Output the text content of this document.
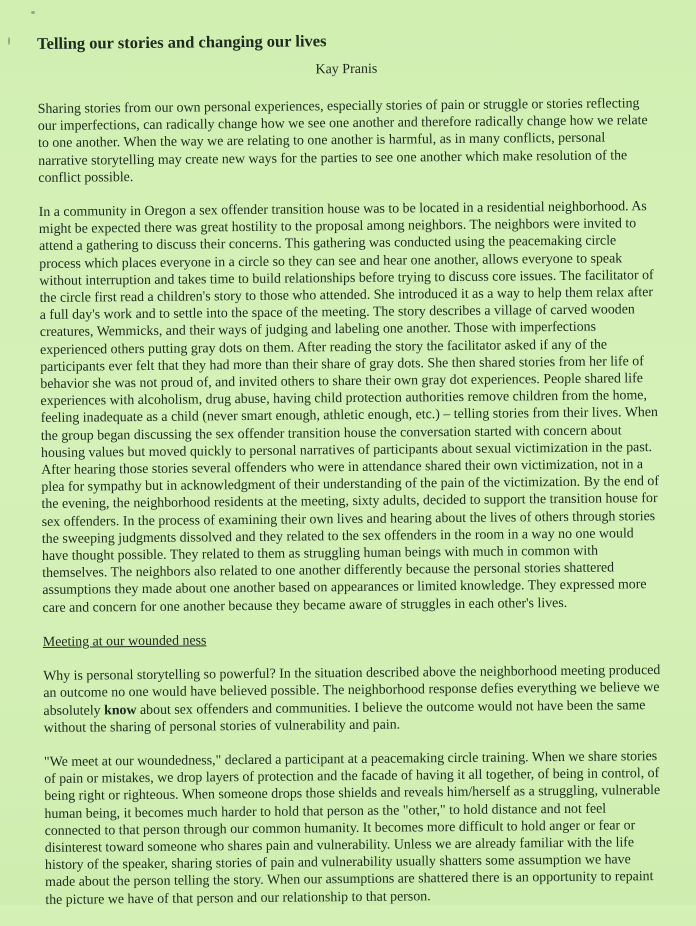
Telling our stories and changing our lives
Kay Pranis

Sharing stories from our own personal experiences, especially stories of pain or struggle or stories reflecting our imperfections, can radically change how we see one another and therefore radically change how we relate to one another. When the way we are relating to one another is harmful, as in many conflicts, personal narrative storytelling may create new ways for the parties to see one another which make resolution of the conflict possible.

In a community in Oregon a sex offender transition house was to be located in a residential neighborhood. As might be expected there was great hostility to the proposal among neighbors. The neighbors were invited to attend a gathering to discuss their concerns. This gathering was conducted using the peacemaking circle process which places everyone in a circle so they can see and hear one another, allows everyone to speak without interruption and takes time to build relationships before trying to discuss core issues. The facilitator of the circle first read a children's story to those who attended. She introduced it as a way to help them relax after a full day's work and to settle into the space of the meeting. The story describes a village of carved wooden creatures, Wemmicks, and their ways of judging and labeling one another. Those with imperfections experienced others putting gray dots on them. After reading the story the facilitator asked if any of the participants ever felt that they had more than their share of gray dots. She then shared stories from her life of behavior she was not proud of, and invited others to share their own gray dot experiences. People shared life experiences with alcoholism, drug abuse, having child protection authorities remove children from the home, feeling inadequate as a child (never smart enough, athletic enough, etc.) – telling stories from their lives. When the group began discussing the sex offender transition house the conversation started with concern about housing values but moved quickly to personal narratives of participants about sexual victimization in the past. After hearing those stories several offenders who were in attendance shared their own victimization, not in a plea for sympathy but in acknowledgment of their understanding of the pain of the victimization. By the end of the evening, the neighborhood residents at the meeting, sixty adults, decided to support the transition house for sex offenders. In the process of examining their own lives and hearing about the lives of others through stories the sweeping judgments dissolved and they related to the sex offenders in the room in a way no one would have thought possible. They related to them as struggling human beings with much in common with themselves. The neighbors also related to one another differently because the personal stories shattered assumptions they made about one another based on appearances or limited knowledge. They expressed more care and concern for one another because they became aware of struggles in each other's lives.

Meeting at our wounded ness

Why is personal storytelling so powerful? In the situation described above the neighborhood meeting produced an outcome no one would have believed possible. The neighborhood response defies everything we believe we absolutely know about sex offenders and communities. I believe the outcome would not have been the same without the sharing of personal stories of vulnerability and pain.

"We meet at our woundedness," declared a participant at a peacemaking circle training. When we share stories of pain or mistakes, we drop layers of protection and the facade of having it all together, of being in control, of being right or righteous. When someone drops those shields and reveals him/herself as a struggling, vulnerable human being, it becomes much harder to hold that person as the "other," to hold distance and not feel connected to that person through our common humanity. It becomes more difficult to hold anger or fear or disinterest toward someone who shares pain and vulnerability. Unless we are already familiar with the life history of the speaker, sharing stories of pain and vulnerability usually shatters some assumption we have made about the person telling the story. When our assumptions are shattered there is an opportunity to repaint the picture we have of that person and our relationship to that person.
